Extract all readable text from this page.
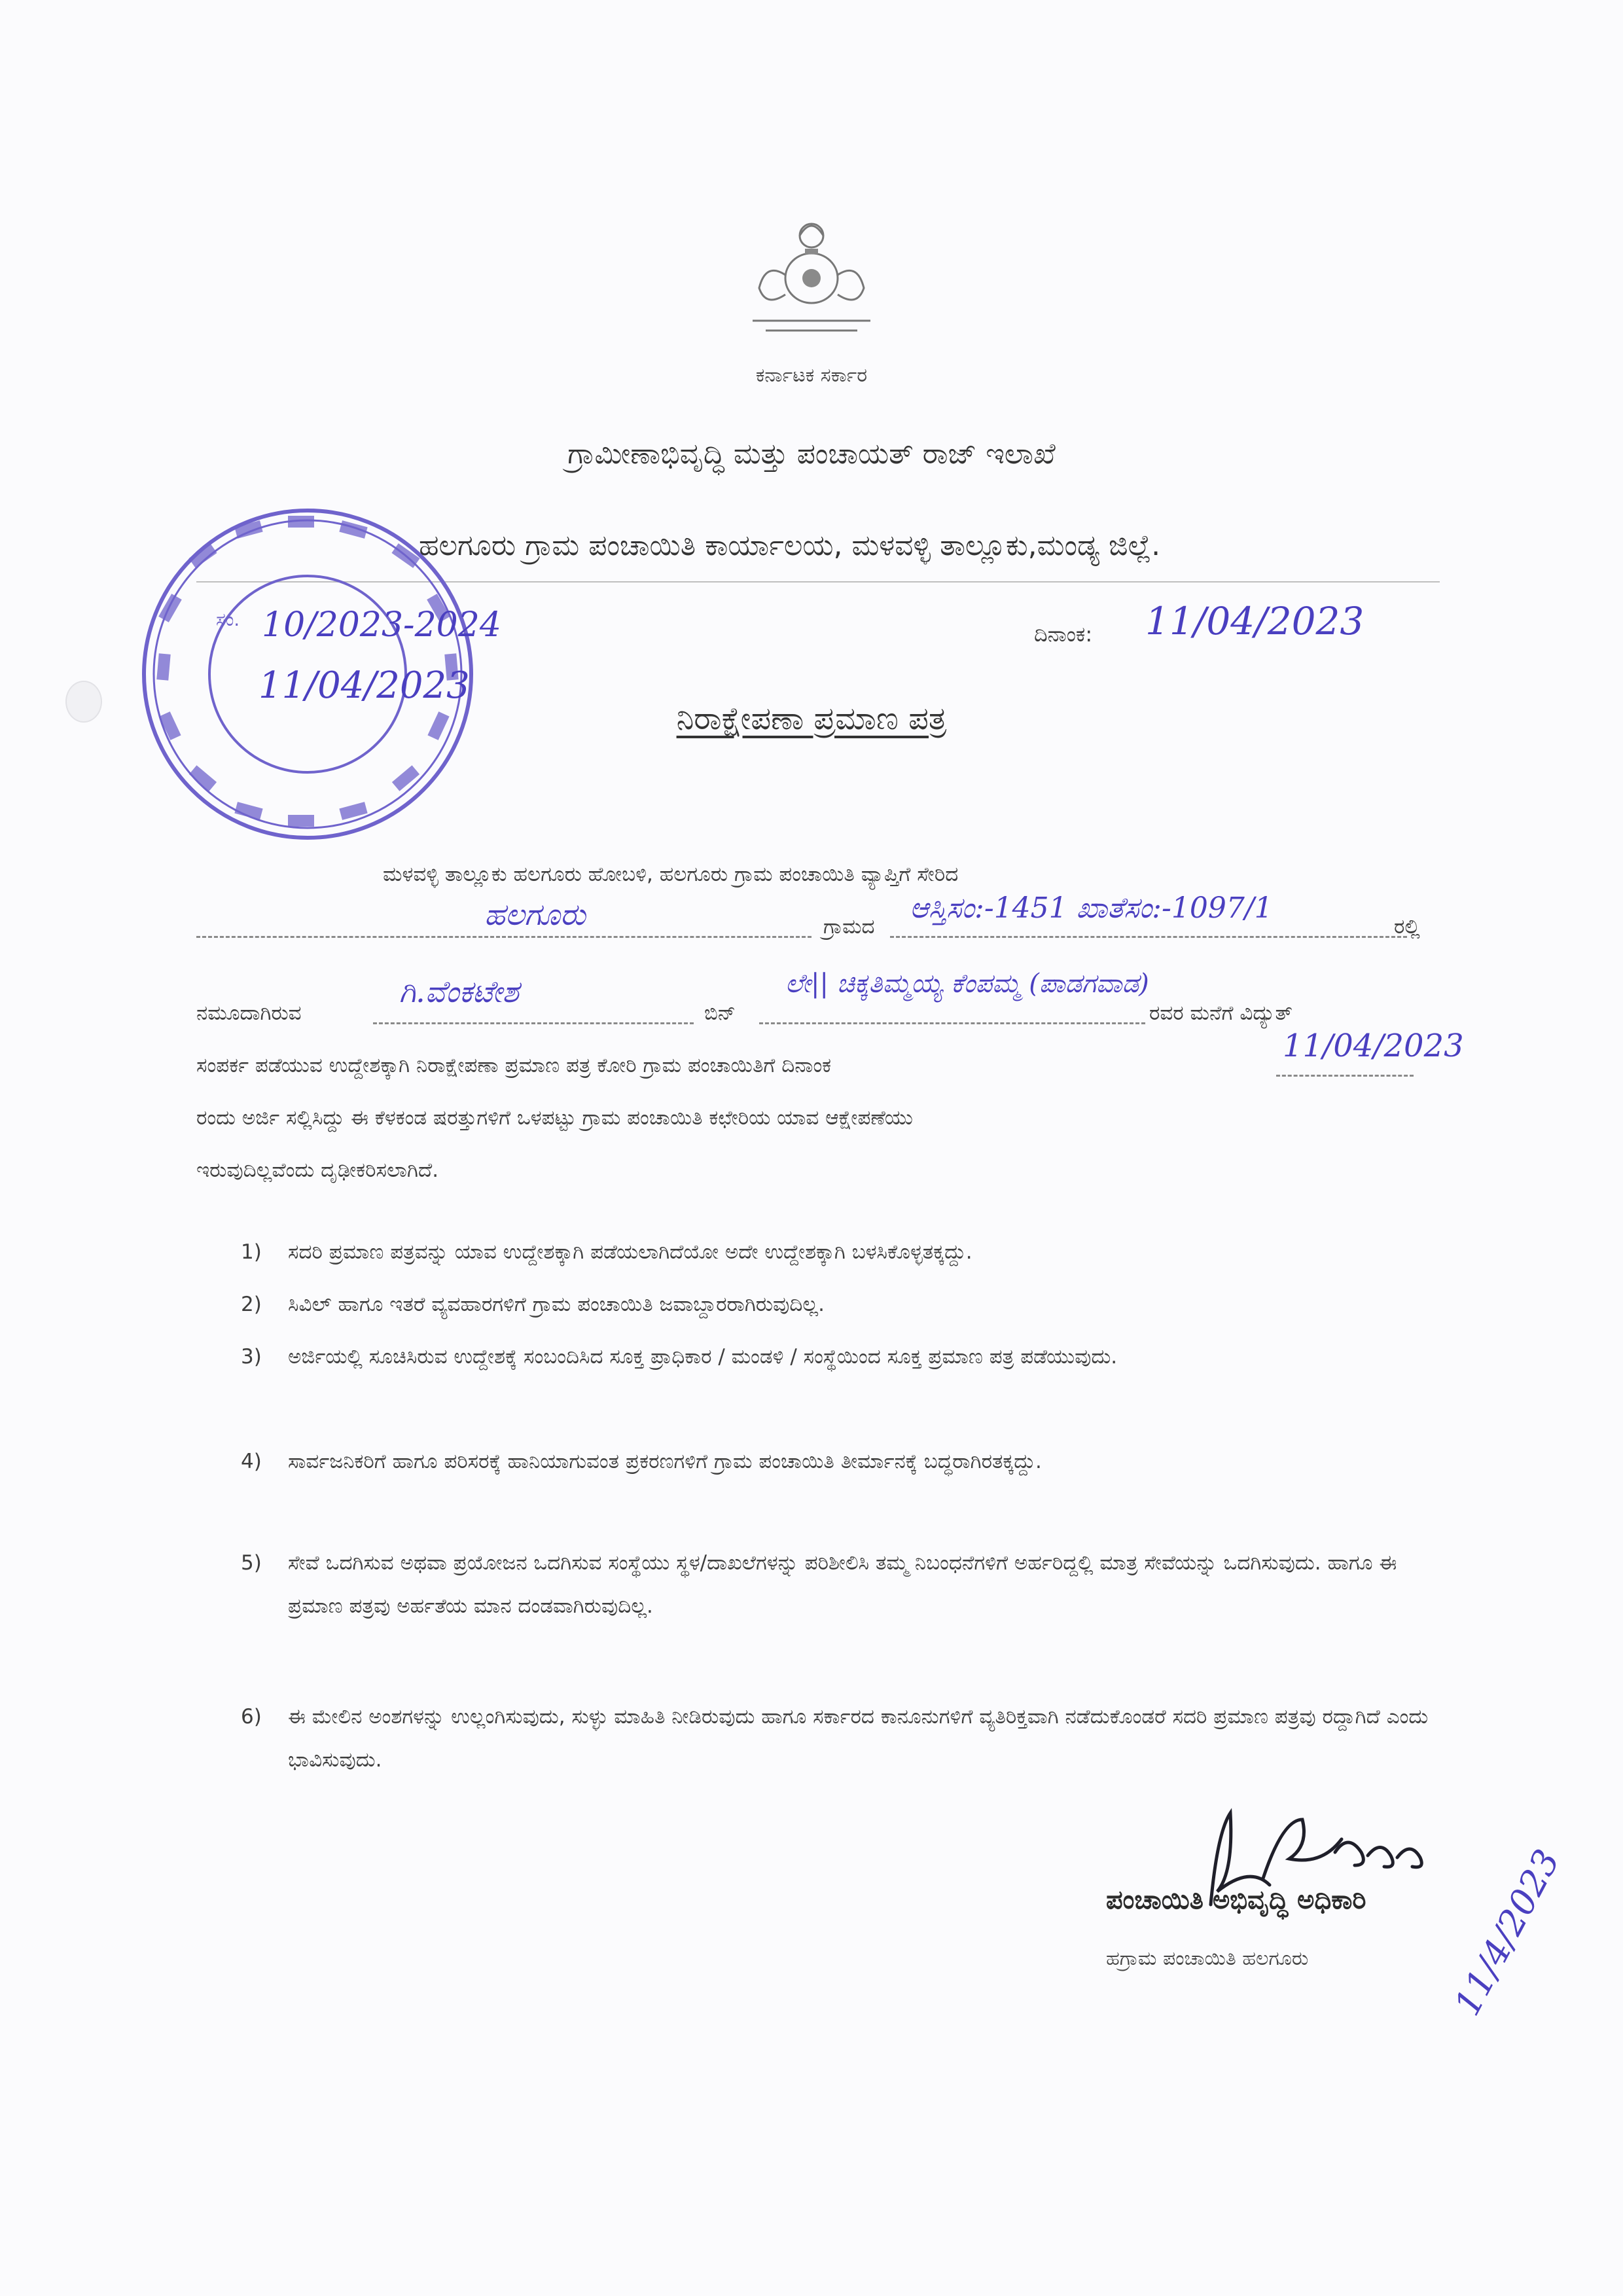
ಕರ್ನಾಟಕ ಸರ್ಕಾರ
ಗ್ರಾಮೀಣಾಭಿವೃದ್ಧಿ ಮತ್ತು ಪಂಚಾಯತ್ ರಾಜ್ ಇಲಾಖೆ
ಹಲಗೂರು ಗ್ರಾಮ ಪಂಚಾಯಿತಿ ಕಾರ್ಯಾಲಯ, ಮಳವಳ್ಳಿ ತಾಲ್ಲೂಕು,ಮಂಡ್ಯ ಜಿಲ್ಲೆ.
ಸಂ. 10/2023-2024
11/04/2023
ದಿನಾಂಕ: 11/04/2023
ನಿರಾಕ್ಷೇಪಣಾ ಪ್ರಮಾಣ ಪತ್ರ
ಮಳವಳ್ಳಿ ತಾಲ್ಲೂಕು ಹಲಗೂರು ಹೋಬಳಿ, ಹಲಗೂರು ಗ್ರಾಮ ಪಂಚಾಯಿತಿ ವ್ಯಾಪ್ತಿಗೆ ಸೇರಿದ
ಹಲಗೂರು	ಗ್ರಾಮದ
ಆಸ್ತಿಸಂ:-1451 ಖಾತೆಸಂ:-1097/1
ರಲ್ಲಿ
ನಮೂದಾಗಿರುವ
ಗಿ.ವೆಂಕಟೇಶ
ಬಿನ್
ಲೇ|| ಚಿಕ್ಕತಿಮ್ಮಯ್ಯ ಕೆಂಪಮ್ಮ (ಪಾಡಗವಾಡ)
ರವರ ಮನೆಗೆ ವಿದ್ಯುತ್
ಸಂಪರ್ಕ ಪಡೆಯುವ ಉದ್ದೇಶಕ್ಕಾಗಿ ನಿರಾಕ್ಷೇಪಣಾ ಪ್ರಮಾಣ ಪತ್ರ ಕೋರಿ ಗ್ರಾಮ ಪಂಚಾಯಿತಿಗೆ ದಿನಾಂಕ
11/04/2023
ರಂದು ಅರ್ಜಿ ಸಲ್ಲಿಸಿದ್ದು ಈ ಕೆಳಕಂಡ ಷರತ್ತುಗಳಿಗೆ ಒಳಪಟ್ಟು ಗ್ರಾಮ ಪಂಚಾಯಿತಿ ಕಛೇರಿಯ ಯಾವ ಆಕ್ಷೇಪಣೆಯು
ಇರುವುದಿಲ್ಲವೆಂದು ದೃಢೀಕರಿಸಲಾಗಿದೆ.
1) ಸದರಿ ಪ್ರಮಾಣ ಪತ್ರವನ್ನು ಯಾವ ಉದ್ದೇಶಕ್ಕಾಗಿ ಪಡೆಯಲಾಗಿದೆಯೋ ಅದೇ ಉದ್ದೇಶಕ್ಕಾಗಿ ಬಳಸಿಕೊಳ್ಳತಕ್ಕದ್ದು.
2) ಸಿವಿಲ್ ಹಾಗೂ ಇತರೆ ವ್ಯವಹಾರಗಳಿಗೆ ಗ್ರಾಮ ಪಂಚಾಯಿತಿ ಜವಾಬ್ದಾರರಾಗಿರುವುದಿಲ್ಲ.
3) ಅರ್ಜಿಯಲ್ಲಿ ಸೂಚಿಸಿರುವ ಉದ್ದೇಶಕ್ಕೆ ಸಂಬಂದಿಸಿದ ಸೂಕ್ತ ಪ್ರಾಧಿಕಾರ / ಮಂಡಳಿ / ಸಂಸ್ಥೆಯಿಂದ ಸೂಕ್ತ ಪ್ರಮಾಣ ಪತ್ರ ಪಡೆಯುವುದು.
4) ಸಾರ್ವಜನಿಕರಿಗೆ ಹಾಗೂ ಪರಿಸರಕ್ಕೆ ಹಾನಿಯಾಗುವಂತ ಪ್ರಕರಣಗಳಿಗೆ ಗ್ರಾಮ ಪಂಚಾಯಿತಿ ತೀರ್ಮಾನಕ್ಕೆ ಬದ್ಧರಾಗಿರತಕ್ಕದ್ದು.
5) ಸೇವೆ ಒದಗಿಸುವ ಅಥವಾ ಪ್ರಯೋಜನ ಒದಗಿಸುವ ಸಂಸ್ಥೆಯು ಸ್ಥಳ/ದಾಖಲೆಗಳನ್ನು ಪರಿಶೀಲಿಸಿ ತಮ್ಮ ನಿಬಂಧನೆಗಳಿಗೆ ಅರ್ಹರಿದ್ದಲ್ಲಿ ಮಾತ್ರ ಸೇವೆಯನ್ನು ಒದಗಿಸುವುದು. ಹಾಗೂ ಈ ಪ್ರಮಾಣ ಪತ್ರವು ಅರ್ಹತೆಯ ಮಾನ ದಂಡವಾಗಿರುವುದಿಲ್ಲ.
6) ಈ ಮೇಲಿನ ಅಂಶಗಳನ್ನು ಉಲ್ಲಂಗಿಸುವುದು, ಸುಳ್ಳು ಮಾಹಿತಿ ನೀಡಿರುವುದು ಹಾಗೂ ಸರ್ಕಾರದ ಕಾನೂನುಗಳಿಗೆ ವ್ಯತಿರಿಕ್ತವಾಗಿ ನಡೆದುಕೊಂಡರೆ ಸದರಿ ಪ್ರಮಾಣ ಪತ್ರವು ರದ್ದಾಗಿದೆ ಎಂದು ಭಾವಿಸುವುದು.
ಪಂಚಾಯಿತಿ ಅಭಿವೃದ್ಧಿ ಅಧಿಕಾರಿ
ಹಗ್ರಾಮ ಪಂಚಾಯಿತಿ ಹಲಗೂರು	11/4/2023
